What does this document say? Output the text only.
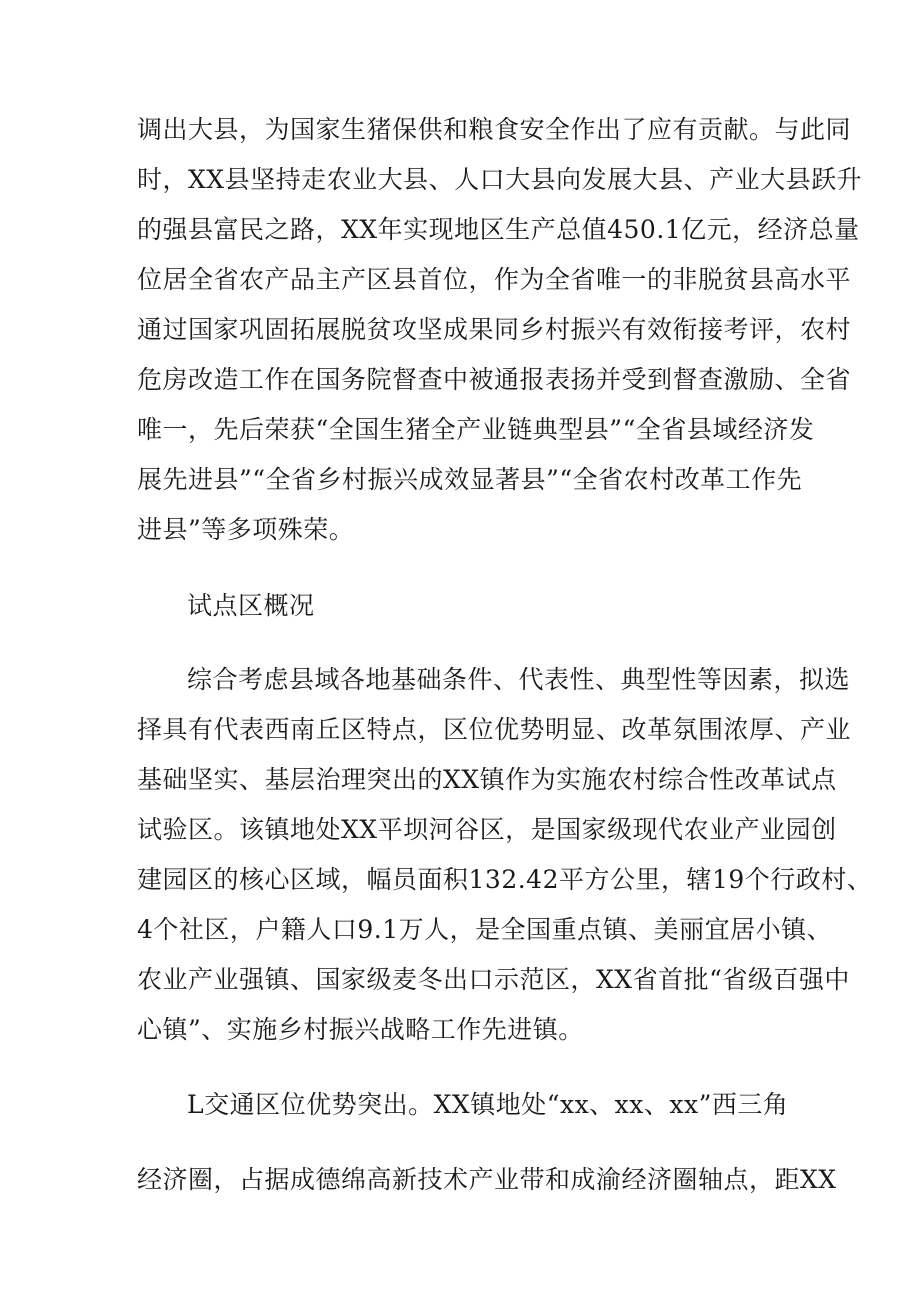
调出大县，为国家生猪保供和粮食安全作出了应有贡献。与此同
时，XX县坚持走农业大县、人口大县向发展大县、产业大县跃升
的强县富民之路，XX年实现地区生产总值450.1亿元，经济总量
位居全省农产品主产区县首位，作为全省唯一的非脱贫县高水平
通过国家巩固拓展脱贫攻坚成果同乡村振兴有效衔接考评，农村
危房改造工作在国务院督查中被通报表扬并受到督查激励、全省
唯一，先后荣获“全国生猪全产业链典型县”“全省县域经济发
展先进县”“全省乡村振兴成效显著县”“全省农村改革工作先
进县”等多项殊荣。
试点区概况
综合考虑县域各地基础条件、代表性、典型性等因素，拟选
择具有代表西南丘区特点，区位优势明显、改革氛围浓厚、产业
基础坚实、基层治理突出的XX镇作为实施农村综合性改革试点
试验区。该镇地处XX平坝河谷区，是国家级现代农业产业园创
建园区的核心区域，幅员面积132.42平方公里，辖19个行政村、
4个社区，户籍人口9.1万人，是全国重点镇、美丽宜居小镇、
农业产业强镇、国家级麦冬出口示范区，XX省首批“省级百强中
心镇”、实施乡村振兴战略工作先进镇。
L交通区位优势突出。XX镇地处“xx、xx、xx”西三角
经济圈，占据成德绵高新技术产业带和成渝经济圈轴点，距XX
